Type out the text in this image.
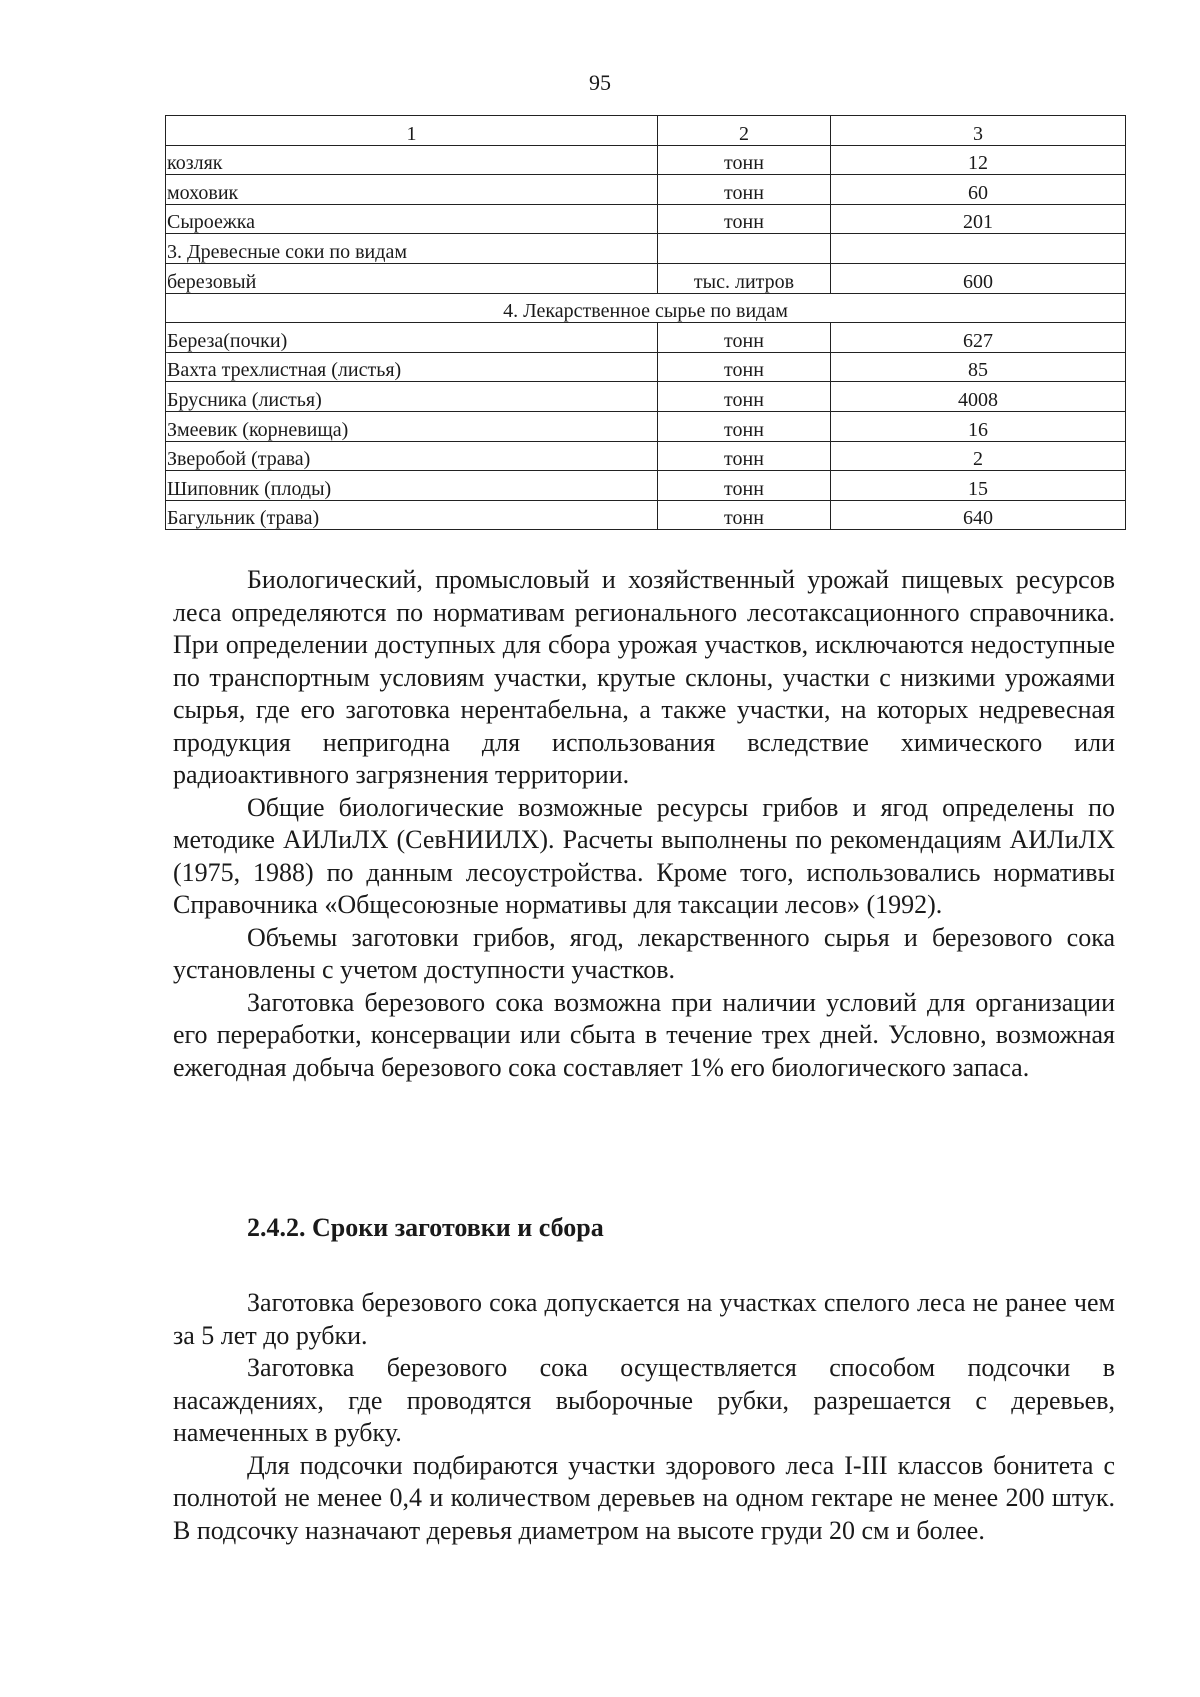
95
1	2	3
козляк	тонн	12
моховик	тонн	60
Сыроежка	тонн	201
3. Древесные соки по видам		
березовый	тыс. литров	600
4. Лекарственное сырье по видам		
Береза(почки)	тонн	627
Вахта трехлистная (листья)	тонн	85
Брусника (листья)	тонн	4008
Змеевик (корневища)	тонн	16
Зверобой (трава)	тонн	2
Шиповник (плоды)	тонн	15
Багульник (трава)	тонн	640

Биологический, промысловый и хозяйственный урожай пищевых ресурсов леса определяются по нормативам регионального лесотаксационного справочника. При определении доступных для сбора урожая участков, исключаются недоступные по транспортным условиям участки, крутые склоны, участки с низкими урожаями сырья, где его заготовка нерентабельна, а также участки, на которых недревесная продукция непригодна для использования вследствие химического или радиоактивного загрязнения территории.

Общие биологические возможные ресурсы грибов и ягод определены по методике АИЛиЛХ (СевНИИЛХ). Расчеты выполнены по рекомендациям АИЛиЛХ (1975, 1988) по данным лесоустройства. Кроме того, использовались нормативы Справочника «Общесоюзные нормативы для таксации лесов» (1992).

Объемы заготовки грибов, ягод, лекарственного сырья и березового сока установлены с учетом доступности участков.

Заготовка березового сока возможна при наличии условий для организации его переработки, консервации или сбыта в течение трех дней. Условно, возможная ежегодная добыча березового сока составляет 1% его биологического запаса.

2.4.2. Сроки заготовки и сбора

Заготовка березового сока допускается на участках спелого леса не ранее чем за 5 лет до рубки.

Заготовка березового сока осуществляется способом подсочки в насаждениях, где проводятся выборочные рубки, разрешается с деревьев, намеченных в рубку.

Для подсочки подбираются участки здорового леса I-III классов бонитета с полнотой не менее 0,4 и количеством деревьев на одном гектаре не менее 200 штук. В подсочку назначают деревья диаметром на высоте груди 20 см и более.
